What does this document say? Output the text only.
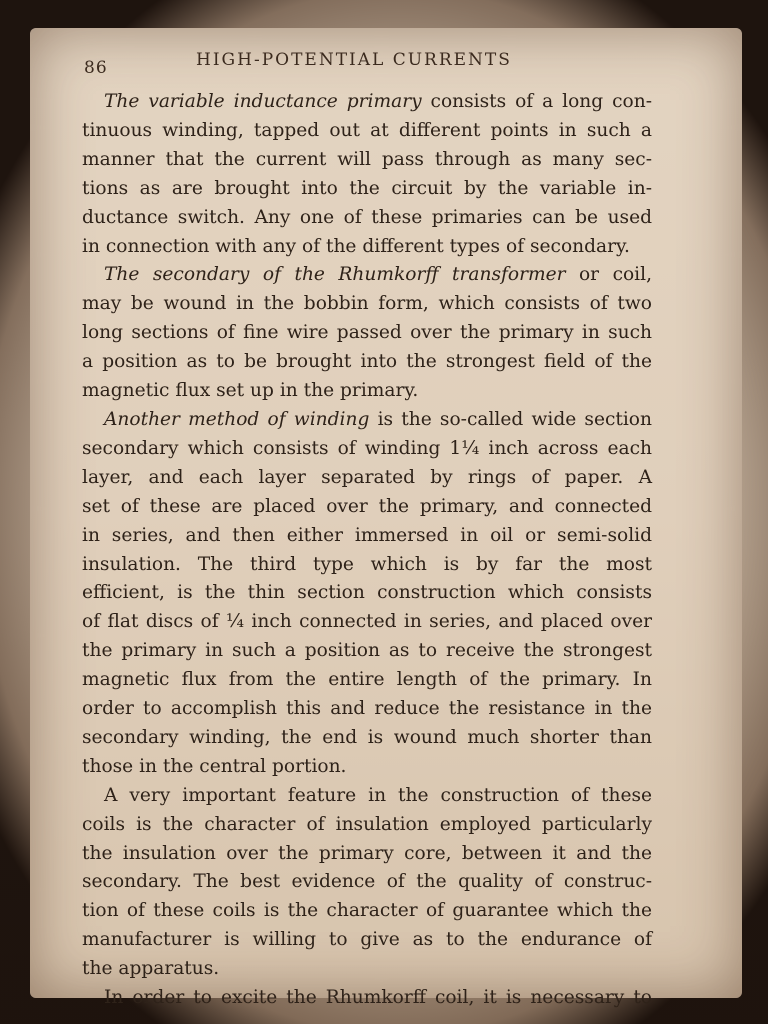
86	HIGH-POTENTIAL CURRENTS

The variable inductance primary consists of a long con-
tinuous winding, tapped out at different points in such a
manner that the current will pass through as many sec-
tions as are brought into the circuit by the variable in-
ductance switch. Any one of these primaries can be used
in connection with any of the different types of secondary.

The secondary of the Rhumkorff transformer or coil,
may be wound in the bobbin form, which consists of two
long sections of fine wire passed over the primary in such
a position as to be brought into the strongest field of the
magnetic flux set up in the primary.

Another method of winding is the so-called wide section
secondary which consists of winding 1¼ inch across each
layer, and each layer separated by rings of paper. A
set of these are placed over the primary, and connected
in series, and then either immersed in oil or semi-solid
insulation. The third type which is by far the most
efficient, is the thin section construction which consists
of flat discs of ¼ inch connected in series, and placed over
the primary in such a position as to receive the strongest
magnetic flux from the entire length of the primary. In
order to accomplish this and reduce the resistance in the
secondary winding, the end is wound much shorter than
those in the central portion.

A very important feature in the construction of these
coils is the character of insulation employed particularly
the insulation over the primary core, between it and the
secondary. The best evidence of the quality of construc-
tion of these coils is the character of guarantee which the
manufacturer is willing to give as to the endurance of
the apparatus.

In order to excite the Rhumkorff coil, it is necessary to
